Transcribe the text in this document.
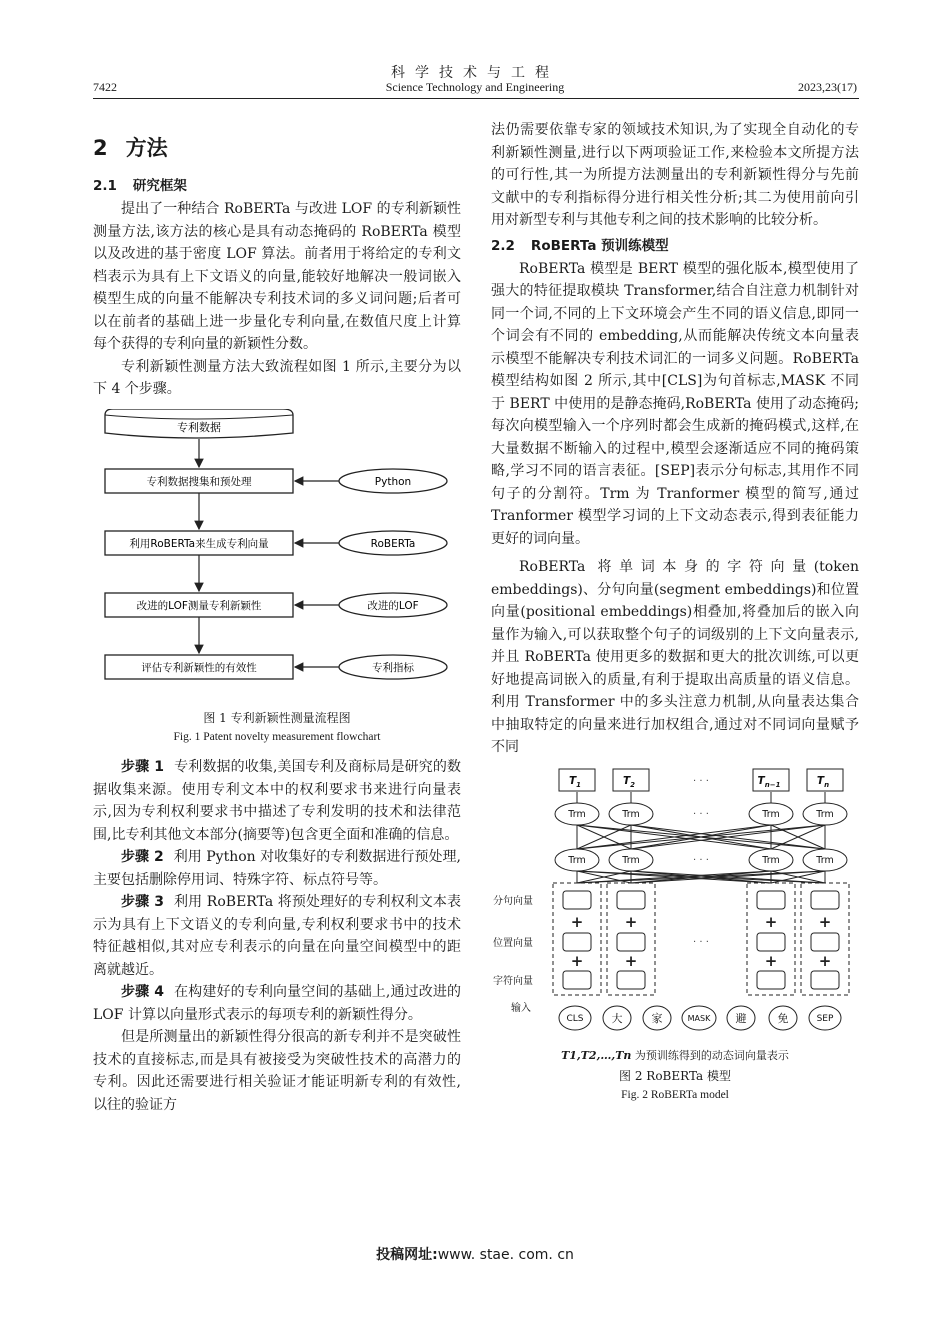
科学技术与工程
Science Technology and Engineering
7422	2023,23(17)
2 方法
2.1 研究框架

提出了一种结合 RoBERTa 与改进 LOF 的专利新颖性测量方法,该方法的核心是具有动态掩码的 RoBERTa 模型以及改进的基于密度 LOF 算法。前者用于将给定的专利文档表示为具有上下文语义的向量,能较好地解决一般词嵌入模型生成的向量不能解决专利技术词的多义词问题;后者可以在前者的基础上进一步量化专利向量,在数值尺度上计算每个获得的专利向量的新颖性分数。

专利新颖性测量方法大致流程如图 1 所示,主要分为以下 4 个步骤。

专利数据
专利数据搜集和预处理	Python
利用RoBERTa来生成专利向量	RoBERTa
改进的LOF测量专利新颖性	改进的LOF
评估专利新颖性的有效性	专利指标
图 1 专利新颖性测量流程图
Fig. 1 Patent novelty measurement flowchart

步骤 1 专利数据的收集,美国专利及商标局是研究的数据收集来源。使用专利文本中的权利要求书来进行向量表示,因为专利权利要求书中描述了专利发明的技术和法律范围,比专利其他文本部分(摘要等)包含更全面和准确的信息。

步骤 2 利用 Python 对收集好的专利数据进行预处理,主要包括删除停用词、特殊字符、标点符号等。

步骤 3 利用 RoBERTa 将预处理好的专利权利文本表示为具有上下文语义的专利向量,专利权利要求书中的技术特征越相似,其对应专利表示的向量在向量空间模型中的距离就越近。

步骤 4 在构建好的专利向量空间的基础上,通过改进的 LOF 计算以向量形式表示的每项专利的新颖性得分。

但是所测量出的新颖性得分很高的新专利并不是突破性技术的直接标志,而是具有被接受为突破性技术的高潜力的专利。因此还需要进行相关验证才能证明新专利的有效性,以往的验证方

法仍需要依靠专家的领域技术知识,为了实现全自动化的专利新颖性测量,进行以下两项验证工作,来检验本文所提方法的可行性,其一为所提方法测量出的专利新颖性得分与先前文献中的专利指标得分进行相关性分析;其二为使用前向引用对新型专利与其他专利之间的技术影响的比较分析。

2.2 RoBERTa 预训练模型

RoBERTa 模型是 BERT 模型的强化版本,模型使用了强大的特征提取模块 Transformer,结合自注意力机制针对同一个词,不同的上下文环境会产生不同的语义信息,即同一个词会有不同的 embedding,从而能解决传统文本向量表示模型不能解决专利技术词汇的一词多义问题。RoBERTa 模型结构如图 2 所示,其中[CLS]为句首标志,MASK 不同于 BERT 中使用的是静态掩码,RoBERTa 使用了动态掩码;每次向模型输入一个序列时都会生成新的掩码模式,这样,在大量数据不断输入的过程中,模型会逐渐适应不同的掩码策略,学习不同的语言表征。[SEP]表示分句标志,其用作不同句子的分割符。Trm 为 Tranformer 模型的简写,通过 Tranformer 模型学习词的上下文动态表示,得到表征能力更好的词向量。

RoBERTa 将单词本身的字符向量(token embeddings)、分句向量(segment embeddings)和位置向量(positional embeddings)相叠加,将叠加后的嵌入向量作为输入,可以获取整个句子的词级别的上下文向量表示,并且 RoBERTa 使用更多的数据和更大的批次训练,可以更好地提高词嵌入的质量,有利于提取出高质量的语义信息。利用 Transformer 中的多头注意力机制,从向量表达集合中抽取特定的向量来进行加权组合,通过对不同词向量赋予不同

+	+	+	+
+	+	+	+
$T_1$	$T_2$	$T_{n-1}$	$T_n$
Trm	Trm	Trm	Trm
Trm	Trm	Trm	Trm
· · ·
· · ·
· · ·
· · ·
分句向量
位置向量
字符向量
输入
CLS	大	家	MASK 避	免	SEP
T1,T2,…,Tn 为预训练得到的动态词向量表示
图 2 RoBERTa 模型
Fig. 2 RoBERTa model
投稿网址:www. stae. com. cn
